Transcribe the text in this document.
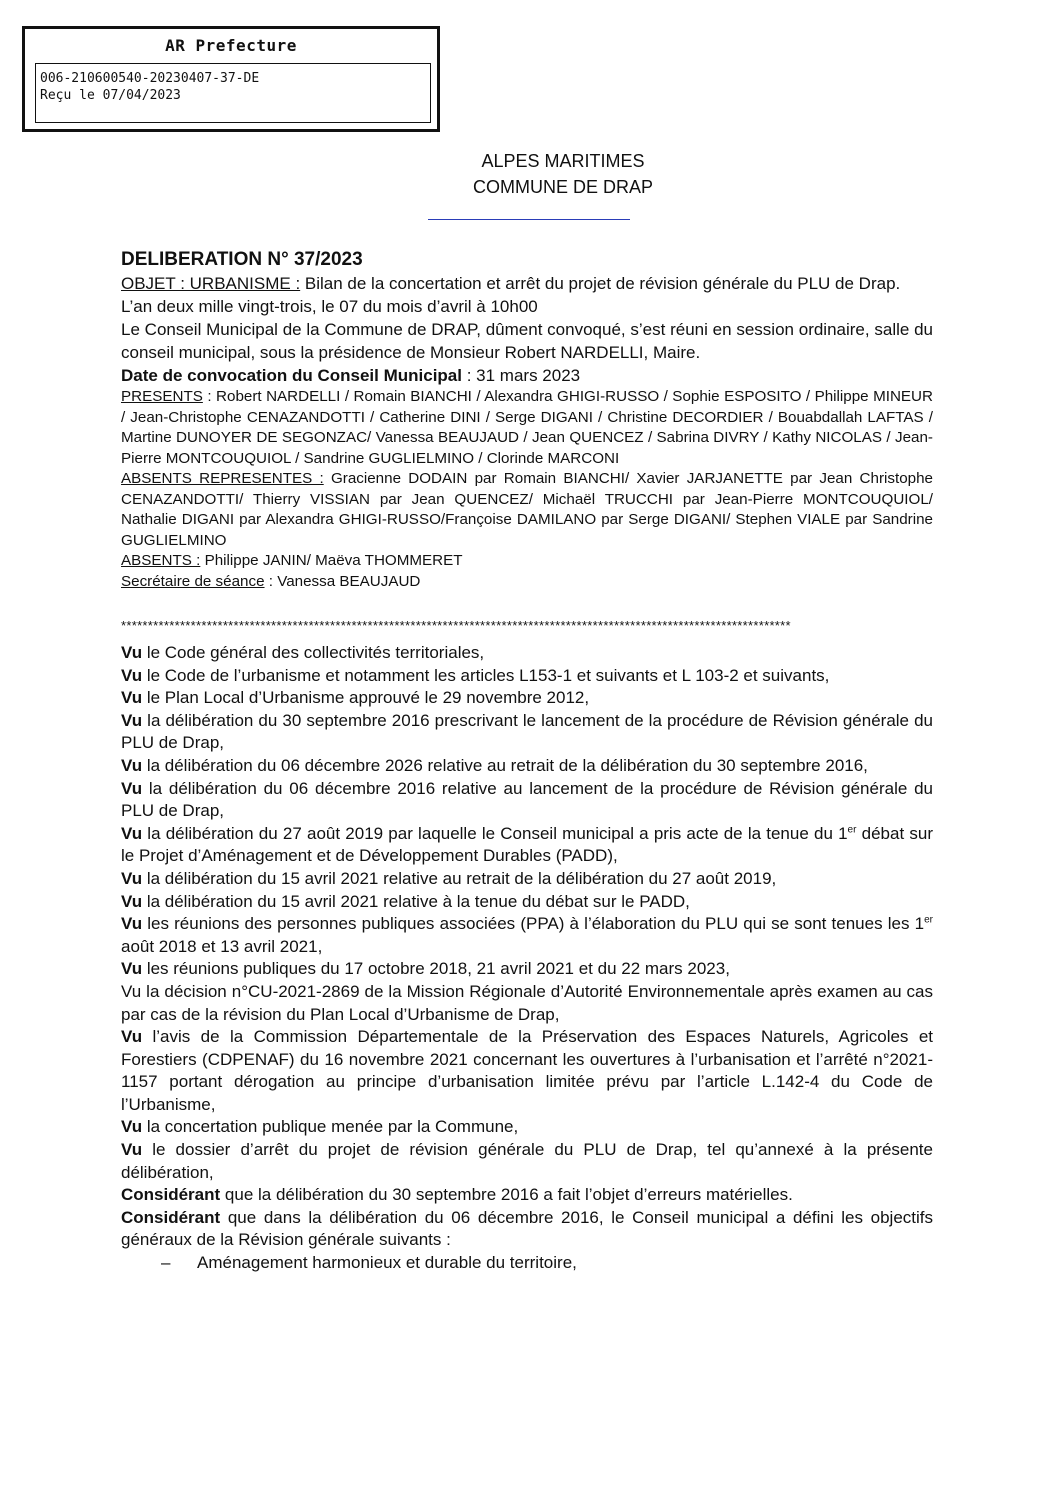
AR Prefecture
006-210600540-20230407-37-DE
Reçu le 07/04/2023
ALPES MARITIMES
COMMUNE DE DRAP

DELIBERATION N° 37/2023

OBJET : URBANISME : Bilan de la concertation et arrêt du projet de révision générale du PLU de Drap.

L’an deux mille vingt-trois, le 07 du mois d’avril à 10h00

Le Conseil Municipal de la Commune de DRAP, dûment convoqué, s’est réuni en session ordinaire, salle du conseil municipal, sous la présidence de Monsieur Robert NARDELLI, Maire.

Date de convocation du Conseil Municipal : 31 mars 2023

PRESENTS : Robert NARDELLI / Romain BIANCHI / Alexandra GHIGI-RUSSO / Sophie ESPOSITO / Philippe MINEUR / Jean-Christophe CENAZANDOTTI / Catherine DINI / Serge DIGANI / Christine DECORDIER / Bouabdallah LAFTAS / Martine DUNOYER DE SEGONZAC/ Vanessa BEAUJAUD / Jean QUENCEZ / Sabrina DIVRY / Kathy NICOLAS / Jean-Pierre MONTCOUQUIOL / Sandrine GUGLIELMINO / Clorinde MARCONI

ABSENTS REPRESENTES : Gracienne DODAIN par Romain BIANCHI/ Xavier JARJANETTE par Jean Christophe CENAZANDOTTI/ Thierry VISSIAN par Jean QUENCEZ/ Michaël TRUCCHI par Jean-Pierre MONTCOUQUIOL/ Nathalie DIGANI par Alexandra GHIGI-RUSSO/Françoise DAMILANO par Serge DIGANI/ Stephen VIALE par Sandrine GUGLIELMINO

ABSENTS : Philippe JANIN/ Maëva THOMMERET

Secrétaire de séance : Vanessa BEAUJAUD

*****************************************************************************************************************************

Vu le Code général des collectivités territoriales,

Vu le Code de l’urbanisme et notamment les articles L153-1 et suivants et L 103-2 et suivants,

Vu le Plan Local d’Urbanisme approuvé le 29 novembre 2012,

Vu la délibération du 30 septembre 2016 prescrivant le lancement de la procédure de Révision générale du PLU de Drap,

Vu la délibération du 06 décembre 2026 relative au retrait de la délibération du 30 septembre 2016,

Vu la délibération du 06 décembre 2016 relative au lancement de la procédure de Révision générale du PLU de Drap,

Vu la délibération du 27 août 2019 par laquelle le Conseil municipal a pris acte de la tenue du 1er débat sur le Projet d’Aménagement et de Développement Durables (PADD),

Vu la délibération du 15 avril 2021 relative au retrait de la délibération du 27 août 2019,

Vu la délibération du 15 avril 2021 relative à la tenue du débat sur le PADD,

Vu les réunions des personnes publiques associées (PPA) à l’élaboration du PLU qui se sont tenues les 1er août 2018 et 13 avril 2021,

Vu les réunions publiques du 17 octobre 2018, 21 avril 2021 et du 22 mars 2023,

Vu la décision n°CU-2021-2869 de la Mission Régionale d’Autorité Environnementale après examen au cas par cas de la révision du Plan Local d’Urbanisme de Drap,

Vu l’avis de la Commission Départementale de la Préservation des Espaces Naturels, Agricoles et Forestiers (CDPENAF) du 16 novembre 2021 concernant les ouvertures à l’urbanisation et l’arrêté n°2021-1157 portant dérogation au principe d’urbanisation limitée prévu par l’article L.142-4 du Code de l’Urbanisme,

Vu la concertation publique menée par la Commune,

Vu le dossier d’arrêt du projet de révision générale du PLU de Drap, tel qu’annexé à la présente délibération,

Considérant que la délibération du 30 septembre 2016 a fait l’objet d’erreurs matérielles.

Considérant que dans la délibération du 06 décembre 2016, le Conseil municipal a défini les objectifs généraux de la Révision générale suivants :

– Aménagement harmonieux et durable du territoire,
